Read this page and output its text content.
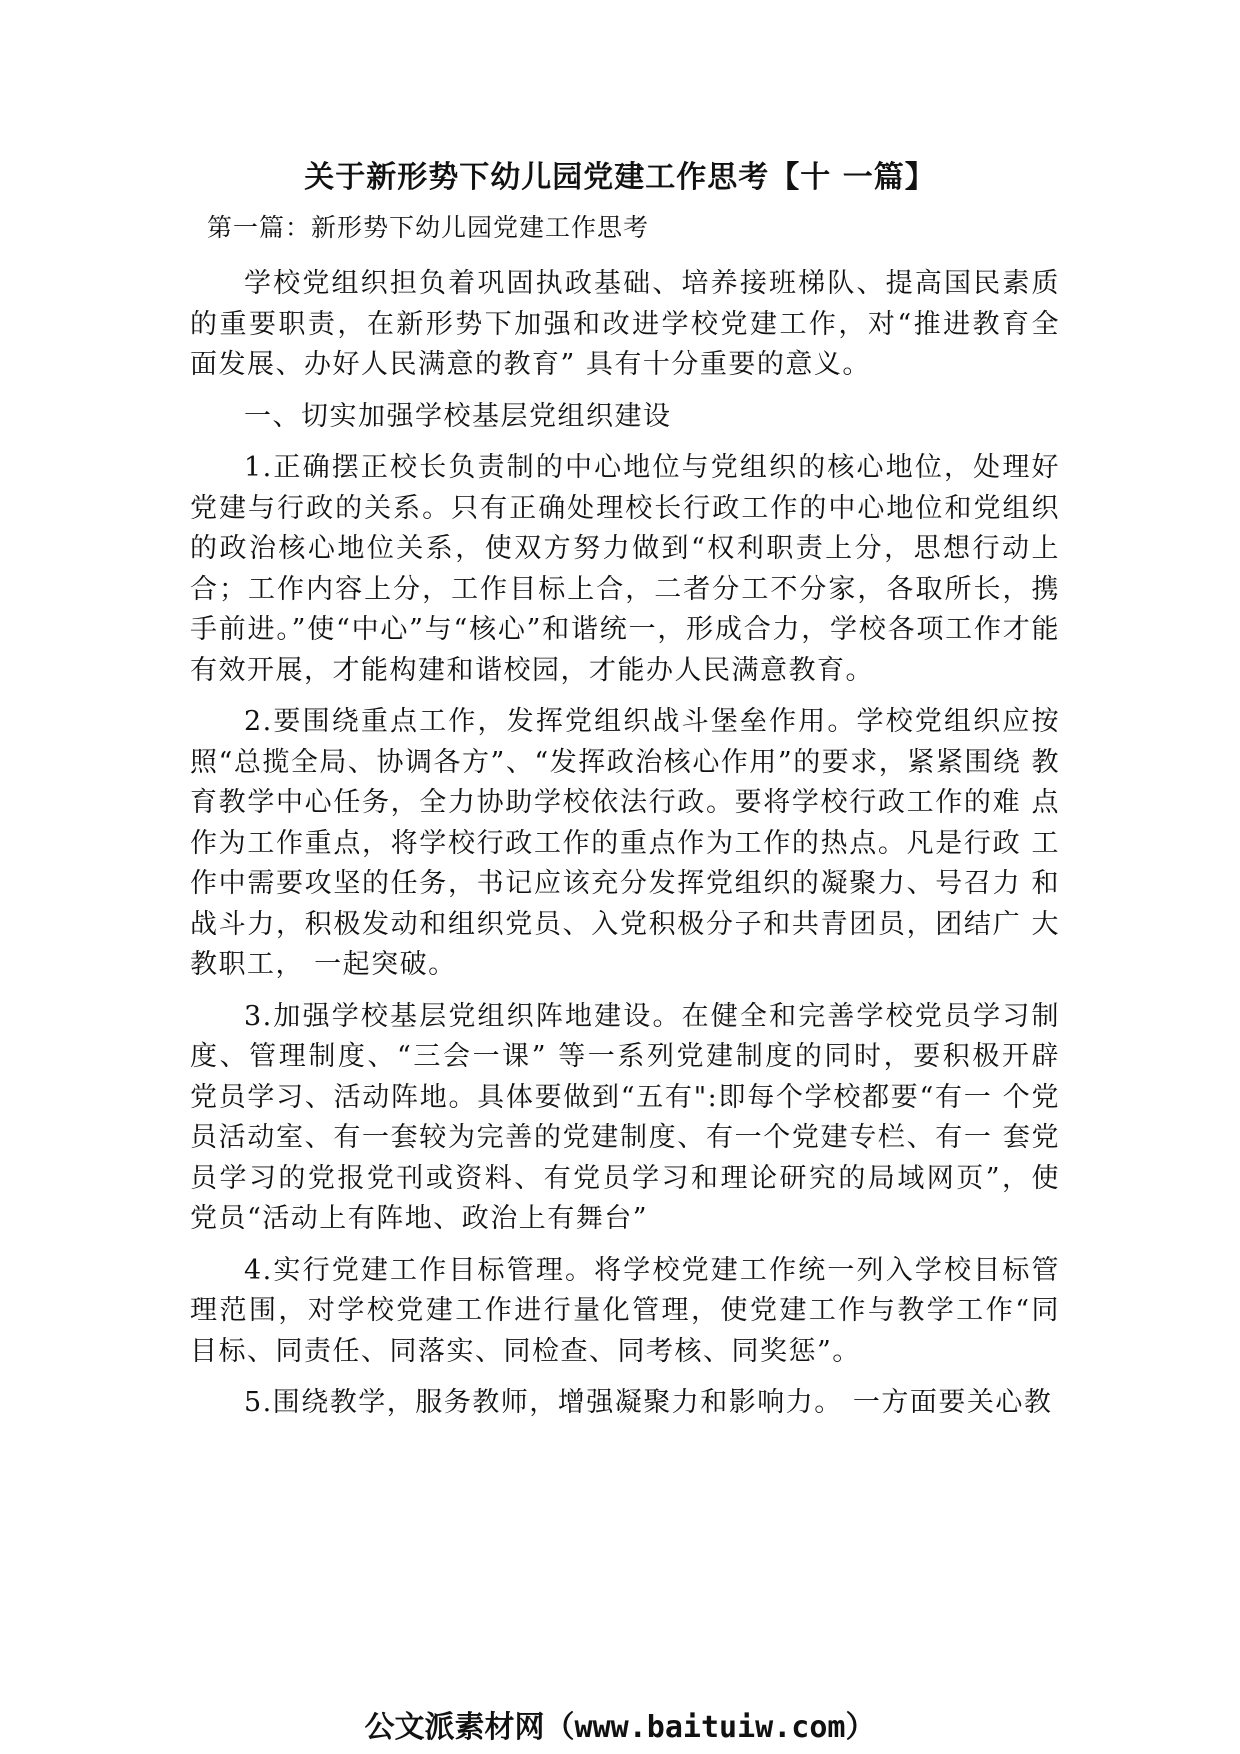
关于新形势下幼儿园党建工作思考【十 一篇】

第一篇：新形势下幼儿园党建工作思考

学校党组织担负着巩固执政基础、培养接班梯队、提高国民素质的重要职责，在新形势下加强和改进学校党建工作，对“推进教育全面发展、办好人民满意的教育” 具有十分重要的意义。

一、切实加强学校基层党组织建设

1.正确摆正校长负责制的中心地位与党组织的核心地位，处理好党建与行政的关系。只有正确处理校长行政工作的中心地位和党组织的政治核心地位关系，使双方努力做到“权利职责上分，思想行动上合；工作内容上分，工作目标上合，二者分工不分家，各取所长，携手前进。”使“中心”与“核心”和谐统一，形成合力，学校各项工作才能有效开展，才能构建和谐校园，才能办人民满意教育。

2.要围绕重点工作，发挥党组织战斗堡垒作用。学校党组织应按照“总揽全局、协调各方”、“发挥政治核心作用”的要求，紧紧围绕 教育教学中心任务，全力协助学校依法行政。要将学校行政工作的难 点作为工作重点，将学校行政工作的重点作为工作的热点。凡是行政 工作中需要攻坚的任务，书记应该充分发挥党组织的凝聚力、号召力 和战斗力，积极发动和组织党员、入党积极分子和共青团员，团结广 大教职工， 一起突破。

3.加强学校基层党组织阵地建设。在健全和完善学校党员学习制度、管理制度、“三会一课” 等一系列党建制度的同时，要积极开辟 党员学习、活动阵地。具体要做到“五有":即每个学校都要“有一 个党员活动室、有一套较为完善的党建制度、有一个党建专栏、有一 套党员学习的党报党刊或资料、有党员学习和理论研究的局域网页”，使党员“活动上有阵地、政治上有舞台”

4.实行党建工作目标管理。将学校党建工作统一列入学校目标管理范围，对学校党建工作进行量化管理，使党建工作与教学工作“同目标、同责任、同落实、同检查、同考核、同奖惩”。

5.围绕教学，服务教师，增强凝聚力和影响力。 一方面要关心教

公文派素材网（www.baituiw.com）
